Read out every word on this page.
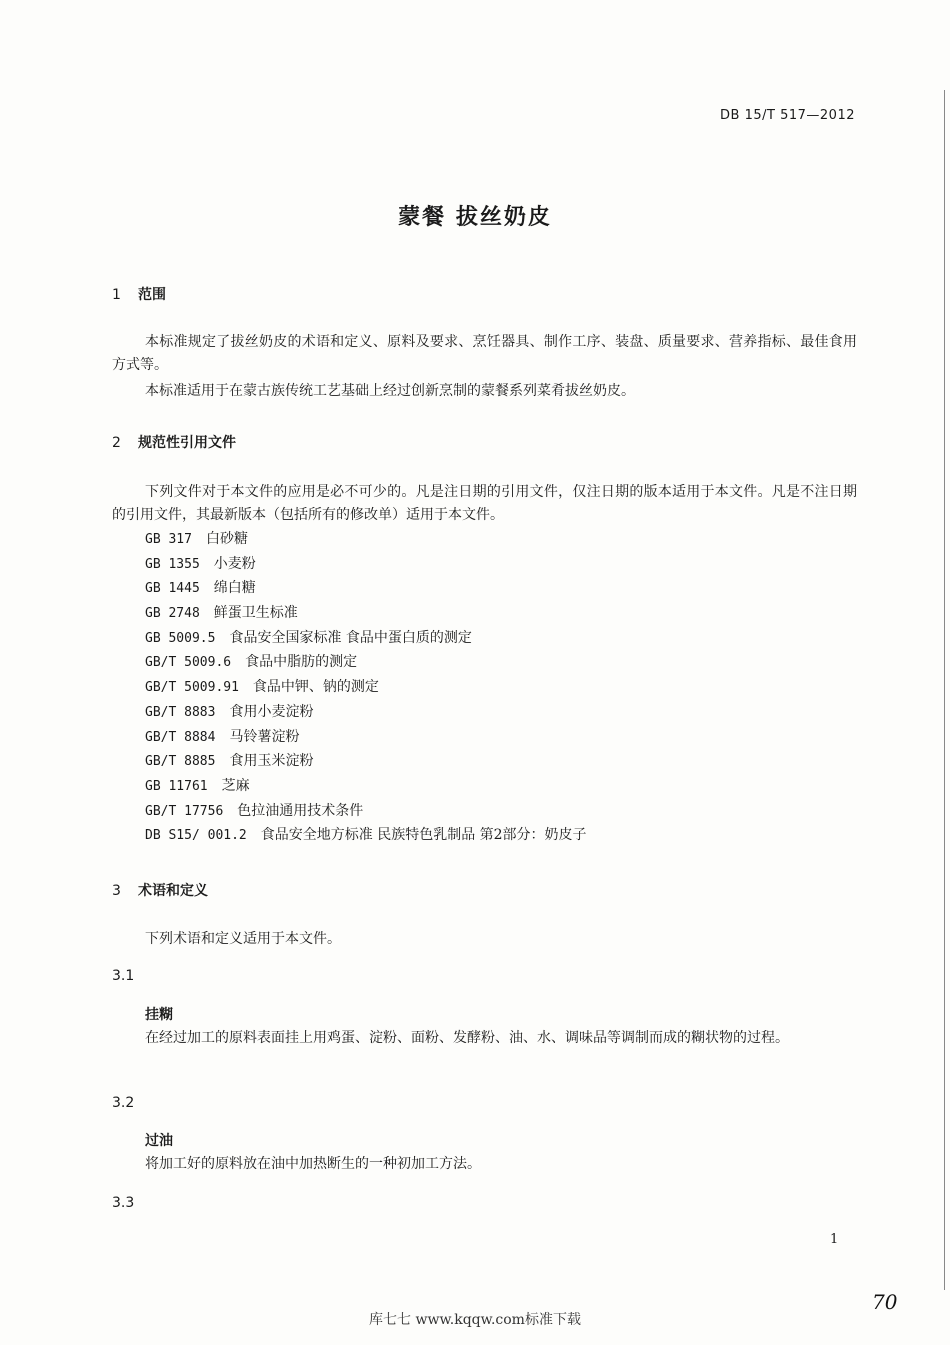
DB 15/T 517—2012
蒙餐 拔丝奶皮
1 范围
本标准规定了拔丝奶皮的术语和定义、原料及要求、烹饪器具、制作工序、装盘、质量要求、营养指标、最佳食用方式等。
本标准适用于在蒙古族传统工艺基础上经过创新烹制的蒙餐系列菜肴拔丝奶皮。
2 规范性引用文件
下列文件对于本文件的应用是必不可少的。凡是注日期的引用文件，仅注日期的版本适用于本文件。凡是不注日期的引用文件，其最新版本（包括所有的修改单）适用于本文件。
GB 317 白砂糖
GB 1355 小麦粉
GB 1445 绵白糖
GB 2748 鲜蛋卫生标准
GB 5009.5 食品安全国家标准 食品中蛋白质的测定
GB/T 5009.6 食品中脂肪的测定
GB/T 5009.91 食品中钾、钠的测定
GB/T 8883 食用小麦淀粉
GB/T 8884 马铃薯淀粉
GB/T 8885 食用玉米淀粉
GB 11761 芝麻
GB/T 17756 色拉油通用技术条件
DB S15/ 001.2 食品安全地方标准 民族特色乳制品 第2部分：奶皮子
3 术语和定义
下列术语和定义适用于本文件。
3.1
挂糊
在经过加工的原料表面挂上用鸡蛋、淀粉、面粉、发酵粉、油、水、调味品等调制而成的糊状物的过程。
3.2
过油
将加工好的原料放在油中加热断生的一种初加工方法。
3.3
1
70
库七七 www.kqqw.com标准下载
